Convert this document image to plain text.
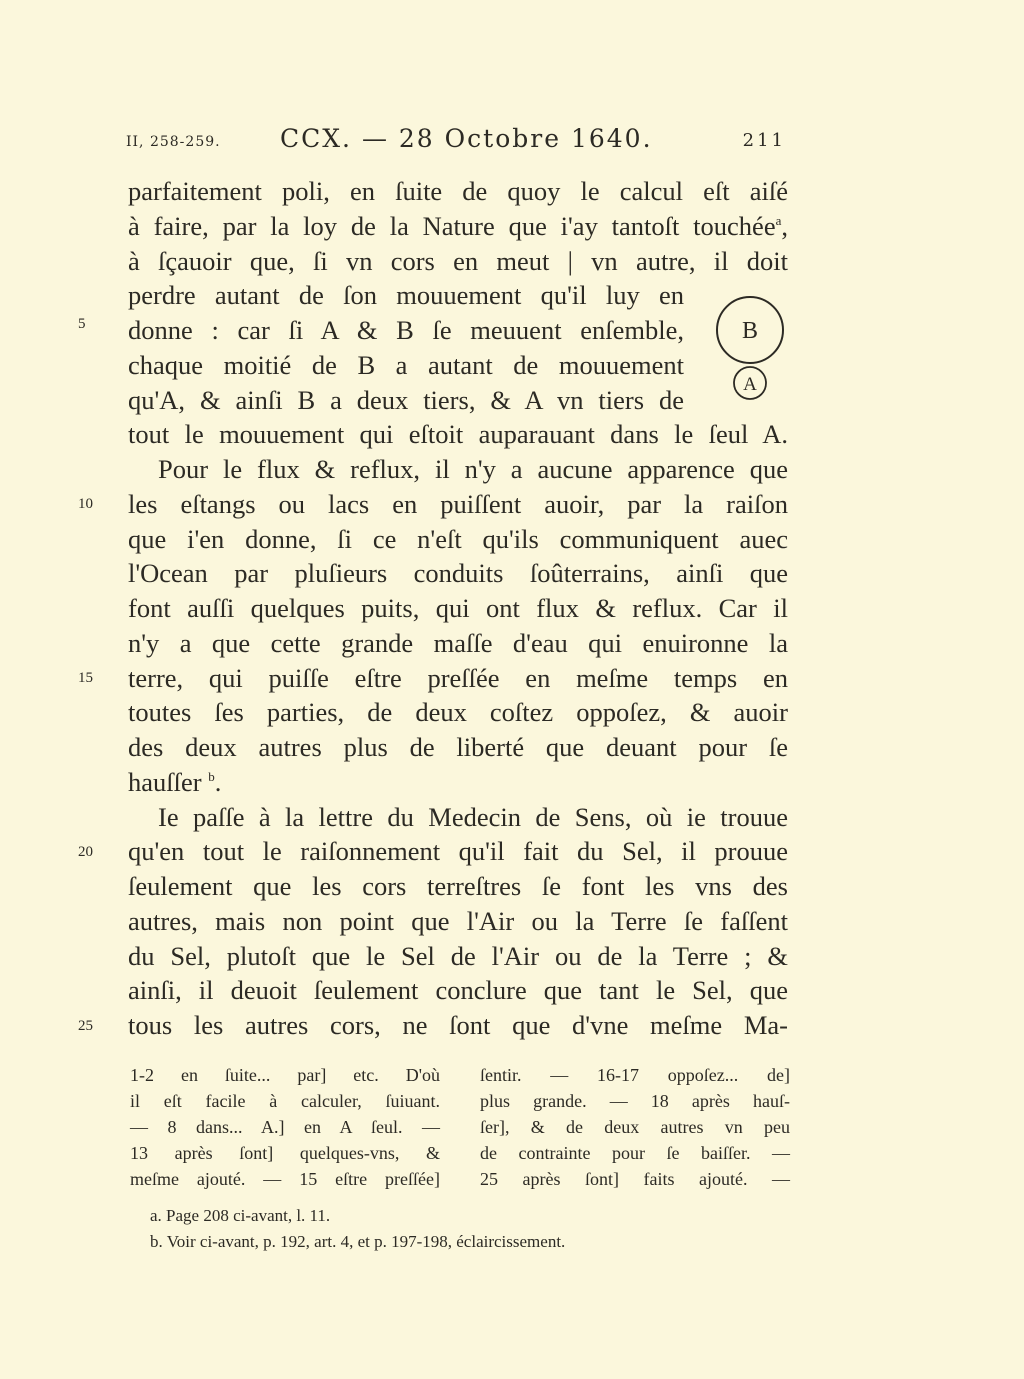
II, 258-259. CCX. — 28 Octobre 1640.	211
parfaitement poli, en ſuite de quoy le calcul eſt aiſé
à faire, par la loy de la Nature que i'ay tantoſt touchée$^a$,
à ſçauoir que, ſi vn cors en meut | vn autre, il doit
perdre autant de ſon mouuement qu'il luy en
donne : car ſi A & B ſe meuuent enſemble,
chaque moitié de B a autant de mouuement
qu'A, & ainſi B a deux tiers, & A vn tiers de
tout le mouuement qui eſtoit auparauant dans le ſeul A.
Pour le flux & reflux, il n'y a aucune apparence que
les eſtangs ou lacs en puiſſent auoir, par la raiſon
que i'en donne, ſi ce n'eſt qu'ils communiquent auec
l'Ocean par pluſieurs conduits ſoûterrains, ainſi que
font auſſi quelques puits, qui ont flux & reflux. Car il
n'y a que cette grande maſſe d'eau qui enuironne la
terre, qui puiſſe eſtre preſſée en meſme temps en
toutes ſes parties, de deux coſtez oppoſez, & auoir
des deux autres plus de liberté que deuant pour ſe
hauſſer $^b$.
Ie paſſe à la lettre du Medecin de Sens, où ie trouue
qu'en tout le raiſonnement qu'il fait du Sel, il prouue
ſeulement que les cors terreſtres ſe font les vns des
autres, mais non point que l'Air ou la Terre ſe faſſent
du Sel, plutoſt que le Sel de l'Air ou de la Terre ; &
ainſi, il deuoit ſeulement conclure que tant le Sel, que
tous les autres cors, ne ſont que d'vne meſme Ma-
5
10
15
20
25
B
A
1-2 en ſuite... par] etc. D'où
il eſt facile à calculer, ſuiuant.
— 8 dans... A.] en A ſeul. —
13 après ſont] quelques-vns, &
meſme ajouté. — 15 eſtre preſſée]
ſentir. — 16-17 oppoſez... de]
plus grande. — 18 après hauſ-
ſer], & de deux autres vn peu
de contrainte pour ſe baiſſer. —
25 après ſont] faits ajouté. —
a. Page 208 ci-avant, l. 11.
b. Voir ci-avant, p. 192, art. 4, et p. 197-198, éclaircissement.
